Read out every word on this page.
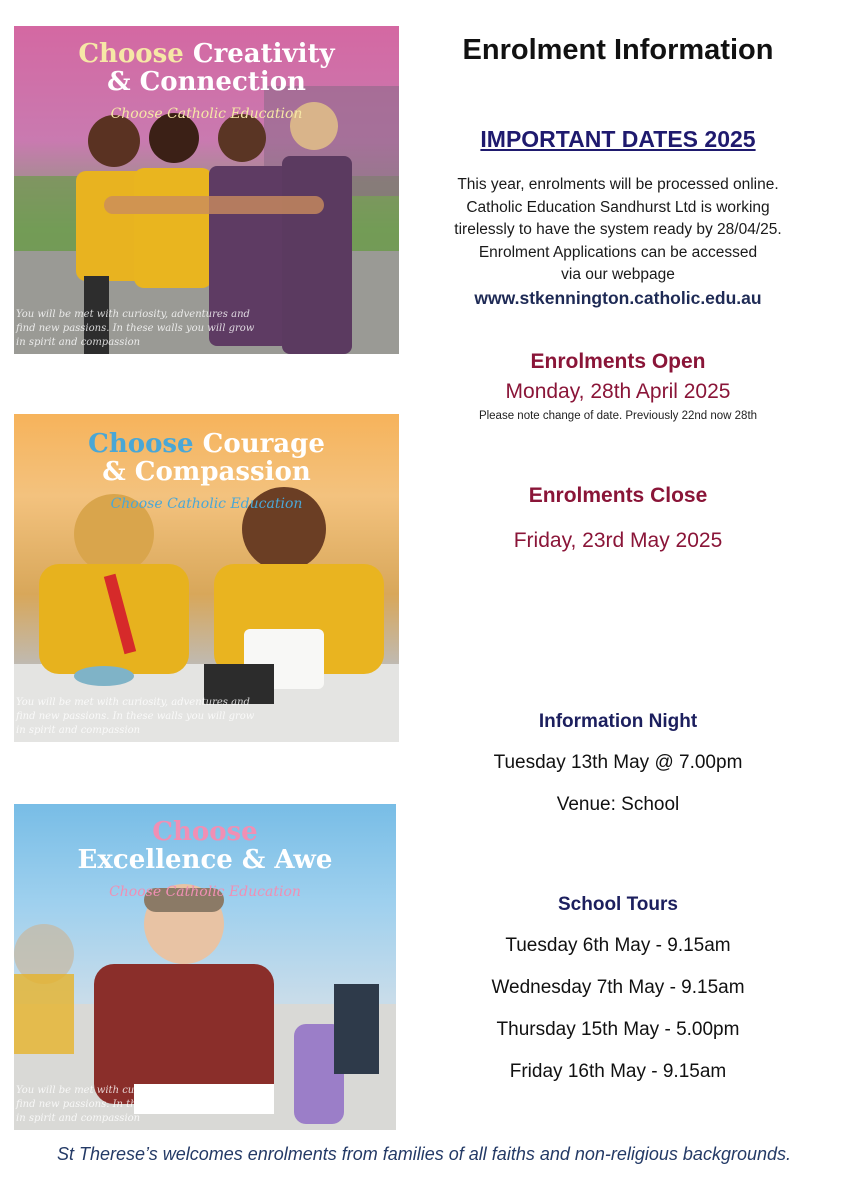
Choose Creativity
& Connection
Choose Catholic Education
You will be met with curiosity, adventures and
find new passions. In these walls you will grow
in spirit and compassion
Choose Courage
& Compassion
Choose Catholic Education
You will be met with curiosity, adventures and
find new passions. In these walls you will grow
in spirit and compassion
Choose
Excellence & Awe
Choose Catholic Education
You will be met with curiosity, adventures and
find new passions. In these walls you will grow
in spirit and compassion
Enrolment Information
IMPORTANT DATES 2025
This year, enrolments will be processed online.
Catholic Education Sandhurst Ltd is working
tirelessly to have the system ready by 28/04/25.
Enrolment Applications can be accessed
via our webpage
www.stkennington.catholic.edu.au
Enrolments Open
Monday, 28th April 2025
Please note change of date. Previously 22nd now 28th
Enrolments Close
Friday, 23rd May 2025
Information Night
Tuesday 13th May @ 7.00pm
Venue: School
School Tours
Tuesday 6th May - 9.15am
Wednesday 7th May - 9.15am
Thursday 15th May - 5.00pm
Friday 16th May - 9.15am
St Therese’s welcomes enrolments from families of all faiths and non-religious backgrounds.
